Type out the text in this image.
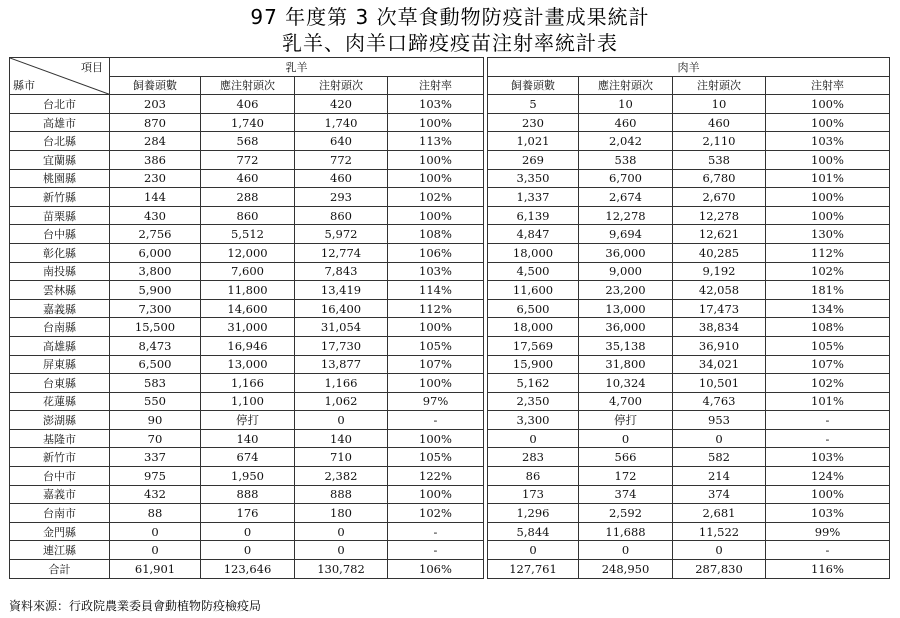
97 年度第 3 次草食動物防疫計畫成果統計
乳羊、肉羊口蹄疫疫苗注射率統計表
項目
縣市	乳羊					肉羊			
	飼養頭數	應注射頭次	注射頭次	注射率		飼養頭數	應注射頭次	注射頭次	注射率
台北市	203	406	420	103%		5	10	10	100%
高雄市	870	1,740	1,740	100%		230	460	460	100%
台北縣	284	568	640	113%		1,021	2,042	2,110	103%
宜蘭縣	386	772	772	100%		269	538	538	100%
桃園縣	230	460	460	100%		3,350	6,700	6,780	101%
新竹縣	144	288	293	102%		1,337	2,674	2,670	100%
苗栗縣	430	860	860	100%		6,139	12,278	12,278	100%
台中縣	2,756	5,512	5,972	108%		4,847	9,694	12,621	130%
彰化縣	6,000	12,000	12,774	106%		18,000	36,000	40,285	112%
南投縣	3,800	7,600	7,843	103%		4,500	9,000	9,192	102%
雲林縣	5,900	11,800	13,419	114%		11,600	23,200	42,058	181%
嘉義縣	7,300	14,600	16,400	112%		6,500	13,000	17,473	134%
台南縣	15,500	31,000	31,054	100%		18,000	36,000	38,834	108%
高雄縣	8,473	16,946	17,730	105%		17,569	35,138	36,910	105%
屏東縣	6,500	13,000	13,877	107%		15,900	31,800	34,021	107%
台東縣	583	1,166	1,166	100%		5,162	10,324	10,501	102%
花蓮縣	550	1,100	1,062	97%		2,350	4,700	4,763	101%
澎湖縣	90	停打	0	-		3,300	停打	953	-
基隆市	70	140	140	100%		0	0	0	-
新竹市	337	674	710	105%		283	566	582	103%
台中市	975	1,950	2,382	122%		86	172	214	124%
嘉義市	432	888	888	100%		173	374	374	100%
台南市	88	176	180	102%		1,296	2,592	2,681	103%
金門縣	0	0	0	-		5,844	11,688	11,522	99%
連江縣	0	0	0	-		0	0	0	-
合計	61,901	123,646	130,782	106%		127,761	248,950	287,830	116%
資料來源：行政院農業委員會動植物防疫檢疫局
